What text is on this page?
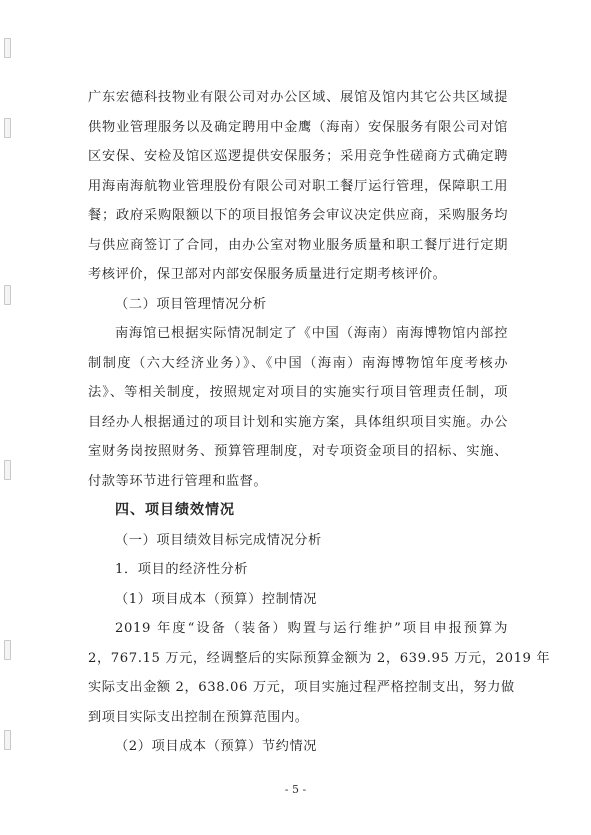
广东宏德科技物业有限公司对办公区域、展馆及馆内其它公共区域提

供物业管理服务以及确定聘用中金鹰（海南）安保服务有限公司对馆

区安保、安检及馆区巡逻提供安保服务；采用竞争性磋商方式确定聘

用海南海航物业管理股份有限公司对职工餐厅运行管理，保障职工用

餐；政府采购限额以下的项目报馆务会审议决定供应商，采购服务均

与供应商签订了合同，由办公室对物业服务质量和职工餐厅进行定期

考核评价，保卫部对内部安保服务质量进行定期考核评价。

（二）项目管理情况分析

南海馆已根据实际情况制定了《中国（海南）南海博物馆内部控

制制度（六大经济业务）》、《中国（海南）南海博物馆年度考核办

法》、等相关制度，按照规定对项目的实施实行项目管理责任制，项

目经办人根据通过的项目计划和实施方案，具体组织项目实施。办公

室财务岗按照财务、预算管理制度，对专项资金项目的招标、实施、

付款等环节进行管理和监督。

四、项目绩效情况

（一）项目绩效目标完成情况分析

1．项目的经济性分析

（1）项目成本（预算）控制情况

2019 年度“设备（装备）购置与运行维护”项目申报预算为

2，767.15 万元，经调整后的实际预算金额为 2，639.95 万元，2019 年

实际支出金额 2，638.06 万元，项目实施过程严格控制支出，努力做

到项目实际支出控制在预算范围内。

（2）项目成本（预算）节约情况

- 5 -
